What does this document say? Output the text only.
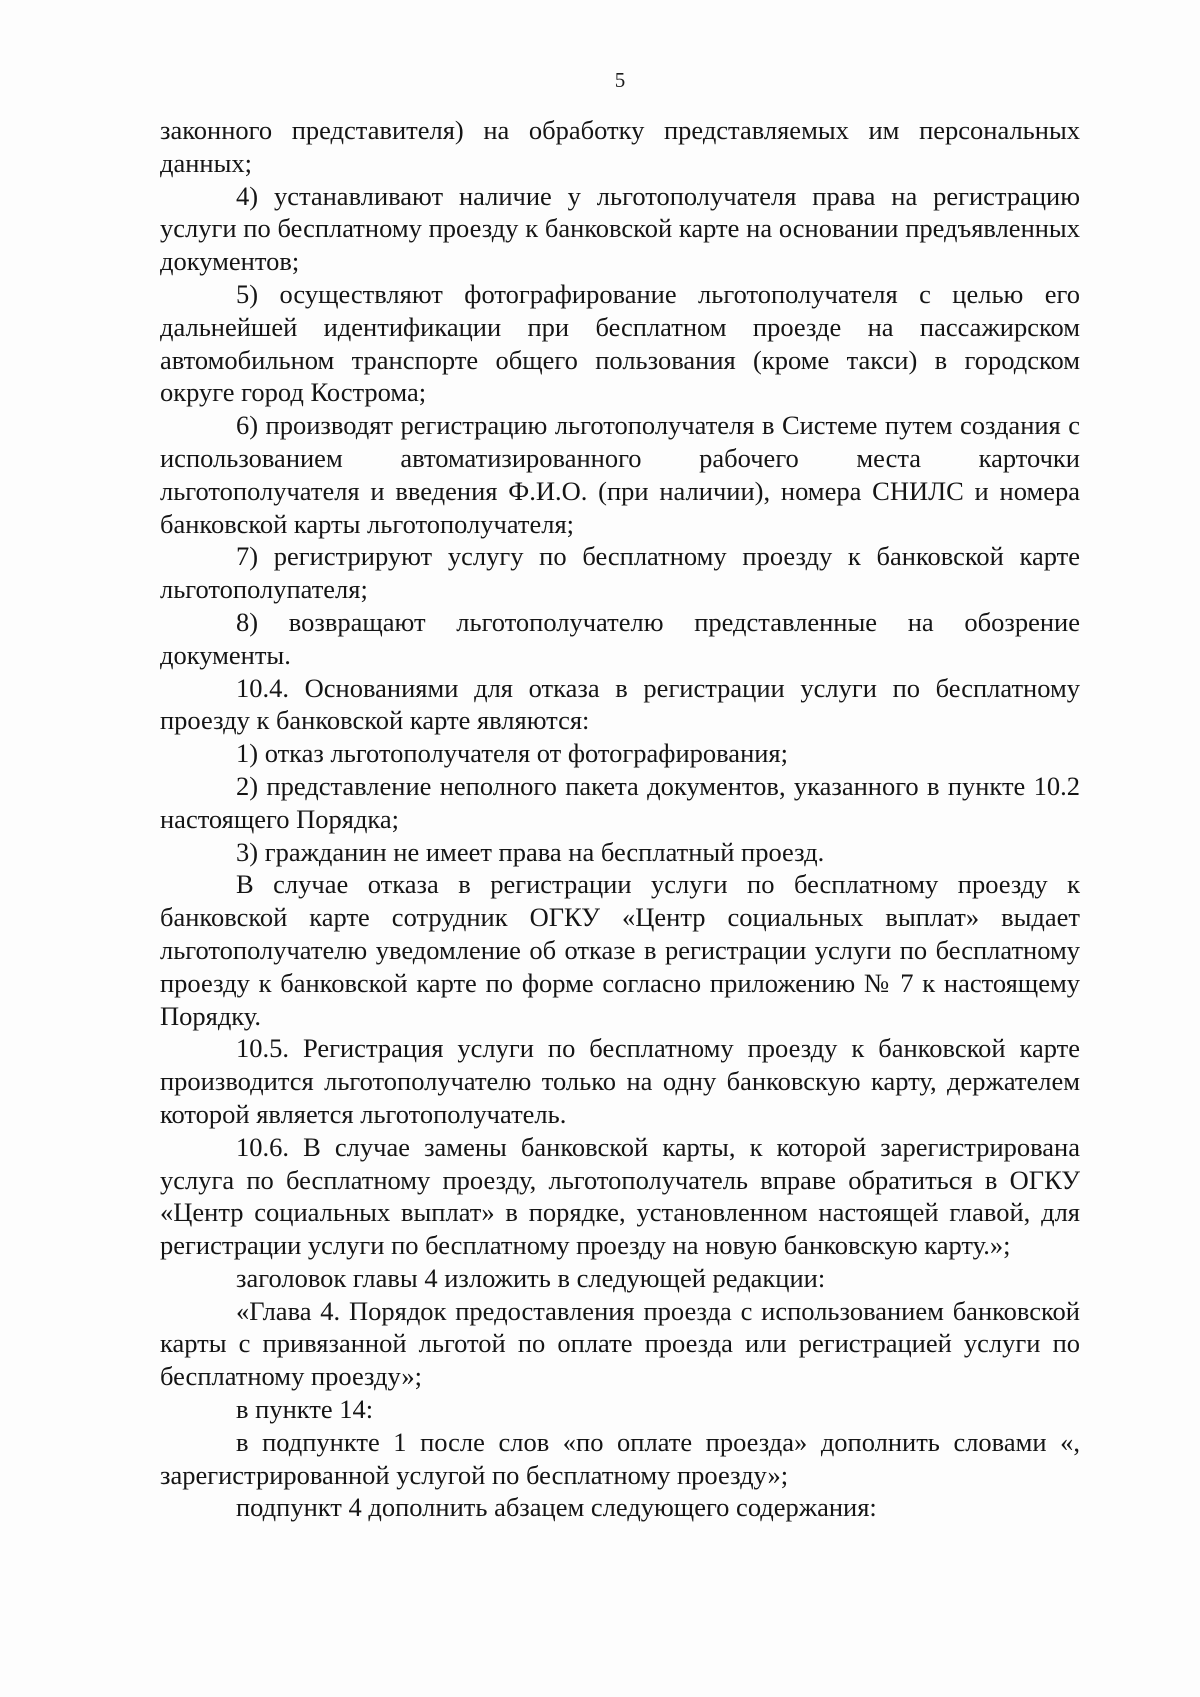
5

законного представителя) на обработку представляемых им персональных данных;

4) устанавливают наличие у льготополучателя права на регистрацию услуги по бесплатному проезду к банковской карте на основании предъявленных документов;

5) осуществляют фотографирование льготополучателя с целью его дальнейшей идентификации при бесплатном проезде на пассажирском автомобильном транспорте общего пользования (кроме такси) в городском округе город Кострома;

6) производят регистрацию льготополучателя в Системе путем создания с использованием автоматизированного рабочего места карточки льготополучателя и введения Ф.И.О. (при наличии), номера СНИЛС и номера банковской карты льготополучателя;

7) регистрируют услугу по бесплатному проезду к банковской карте льготополупателя;

8) возвращают льготополучателю представленные на обозрение документы.

10.4. Основаниями для отказа в регистрации услуги по бесплатному проезду к банковской карте являются:

1) отказ льготополучателя от фотографирования;

2) представление неполного пакета документов, указанного в пункте 10.2 настоящего Порядка;

3) гражданин не имеет права на бесплатный проезд.

В случае отказа в регистрации услуги по бесплатному проезду к банковской карте сотрудник ОГКУ «Центр социальных выплат» выдает льготополучателю уведомление об отказе в регистрации услуги по бесплатному проезду к банковской карте по форме согласно приложению № 7 к настоящему Порядку.

10.5. Регистрация услуги по бесплатному проезду к банковской карте производится льготополучателю только на одну банковскую карту, держателем которой является льготополучатель.

10.6. В случае замены банковской карты, к которой зарегистрирована услуга по бесплатному проезду, льготополучатель вправе обратиться в ОГКУ «Центр социальных выплат» в порядке, установленном настоящей главой, для регистрации услуги по бесплатному проезду на новую банковскую карту.»;

заголовок главы 4 изложить в следующей редакции:

«Глава 4. Порядок предоставления проезда с использованием банковской карты с привязанной льготой по оплате проезда или регистрацией услуги по бесплатному проезду»;

в пункте 14:

в подпункте 1 после слов «по оплате проезда» дополнить словами «, зарегистрированной услугой по бесплатному проезду»;

подпункт 4 дополнить абзацем следующего содержания:
